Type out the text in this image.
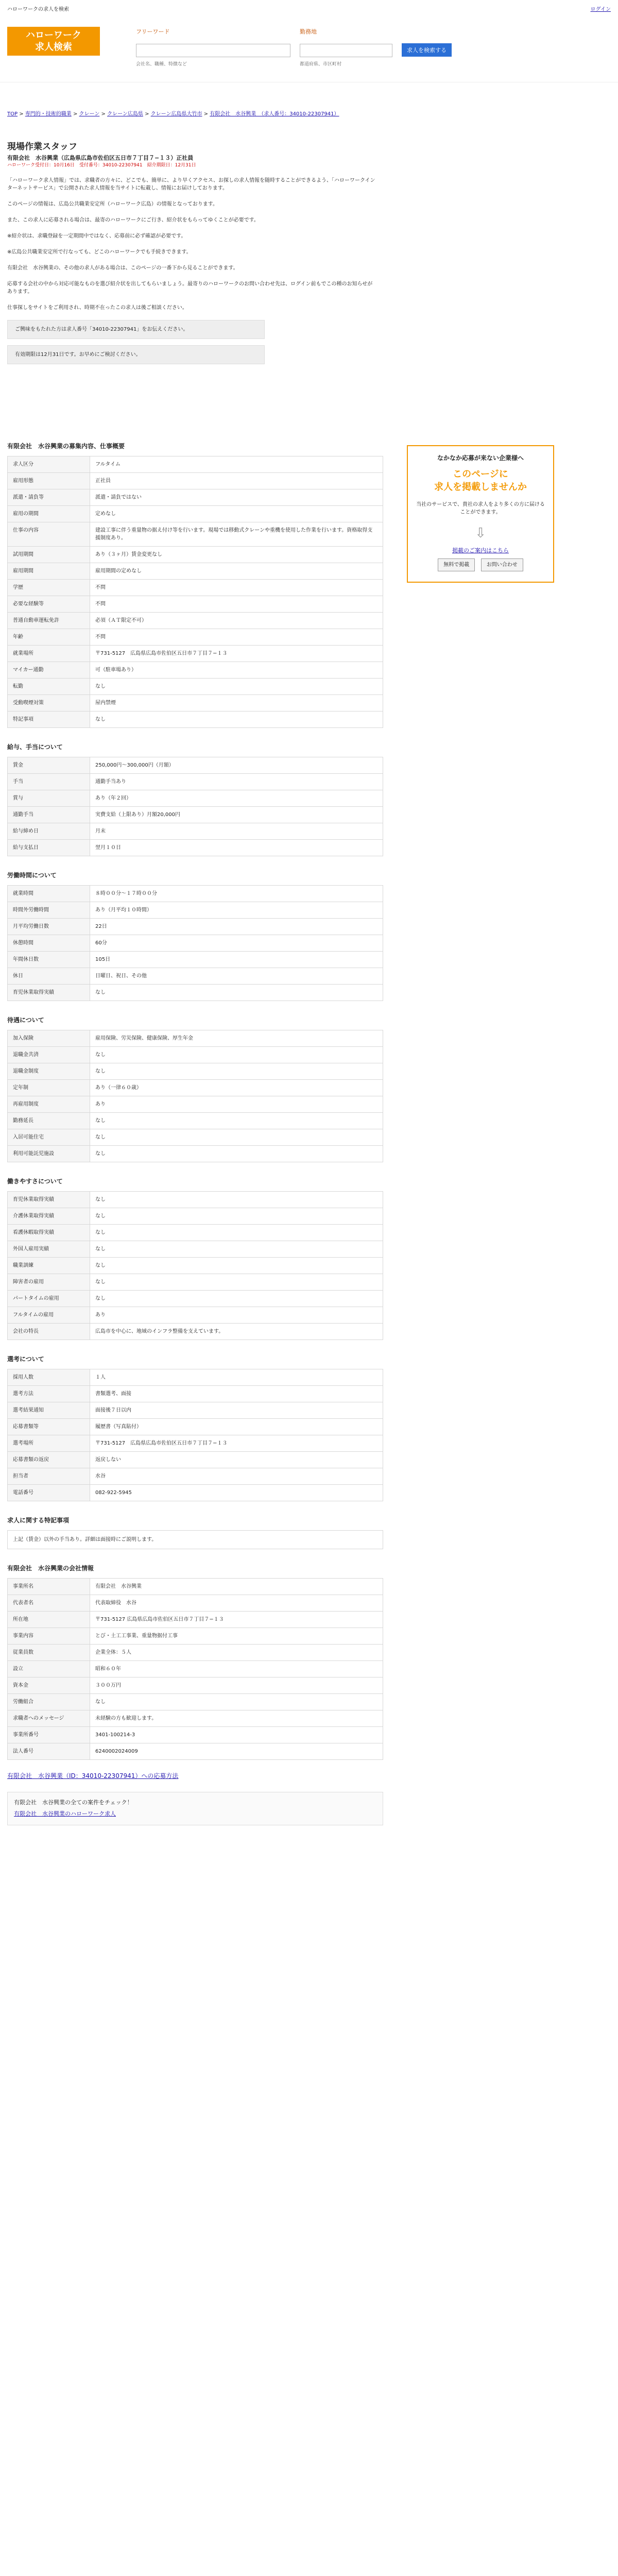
ハローワークの求人を検索	ログイン
ハローワーク
求人検索
フリーワード
会社名、職種、特徴など
勤務地
都道府県、市区町村
求人を検索する
TOP > 専門的・技術的職業 > クレーン > クレーン広島県 > クレーン広島県大竹市 > 有限会社　水谷興業　（求人番号：34010-22307941）
現場作業スタッフ
有限会社　水谷興業（広島県広島市佐伯区五日市７丁目７−１３）正社員
ハローワーク受付日：10月16日　受付番号：34010-22307941　紹介期限日：12月31日

「ハローワーク求人情報」では、求職者の方々に、どこでも、簡単に、より早くアクセス、お探しの求人情報を随時することができるよう、「ハローワークインターネットサービス」で公開された求人情報を当サイトに転載し、情報にお届けしております。

このページの情報は、広島公共職業安定所（ハローワーク広島）の情報となっております。

また、この求人に応募される場合は、最寄のハローワークにご行き、紹介状をもらってゆくことが必要です。

※紹介状は、求職登録を一定期間中ではなく、応募前に必ず確認が必要です。

※広島公共職業安定所で行なっても、どこのハローワークでも手続きできます。

有限会社　水谷興業の、その他の求人がある場合は、このページの一番下から見ることができます。

応募する会社の中から対応可能なものを選び紹介状を出してもらいましょう。最寄りのハローワークのお問い合わせ先は、ログイン前もでこの種のお知らせがあります。

仕事探しをサイトをご利用され、時期不在ったこの求人は後ご相談ください。

ご興味をもたれた方は求人番号「34010-22307941」をお伝えください。
有効期限は12月31日です。お早めにご検討ください。
有限会社　水谷興業の募集内容、仕事概要
求人区分	フルタイム
雇用形態	正社員
派遣・請負等	派遣・請負ではない
雇用の期間	定めなし
仕事の内容	建設工事に伴う重量物の据え付け等を行います。現場では移動式クレーンや重機を使用した作業を行います。資格取得支援制度あり。
試用期間	あり（３ヶ月）賃金変更なし
雇用期間	雇用期間の定めなし
学歴	不問
必要な経験等	不問
普通自動車運転免許	必須（ＡＴ限定不可）
年齢	不問
就業場所	〒731-5127　広島県広島市佐伯区五日市７丁目７−１３
マイカー通勤	可（駐車場あり）
転勤	なし
受動喫煙対策	屋内禁煙
特記事項	なし
給与、手当について
賃金	250,000円〜300,000円（月額）
手当	通勤手当あり
賞与	あり（年２回）
通勤手当	実費支給（上限あり）月額20,000円
給与締め日	月末
給与支払日	翌月１０日
労働時間について
就業時間	８時００分〜１７時００分
時間外労働時間	あり（月平均１０時間）
月平均労働日数	22日
休憩時間	60分
年間休日数	105日
休日	日曜日、祝日、その他
育児休業取得実績	なし
待遇について
加入保険	雇用保険、労災保険、健康保険、厚生年金
退職金共済	なし
退職金制度	なし
定年制	あり（一律６０歳）
再雇用制度	あり
勤務延長	なし
入居可能住宅	なし
利用可能託児施設	なし
働きやすさについて
育児休業取得実績	なし
介護休業取得実績	なし
看護休暇取得実績	なし
外国人雇用実績	なし
職業訓練	なし
障害者の雇用	なし
パートタイムの雇用	なし
フルタイムの雇用	あり
会社の特長	広島市を中心に、地域のインフラ整備を支えています。
選考について
採用人数	１人
選考方法	書類選考、面接
選考結果通知	面接後７日以内
応募書類等	履歴書（写真貼付）
選考場所	〒731-5127　広島県広島市佐伯区五日市７丁目７−１３
応募書類の返戻	返戻しない
担当者	水谷
電話番号	082-922-5945
求人に関する特記事項
上記（賃金）以外の手当あり。詳細は面接時にご説明します。
有限会社　水谷興業の会社情報
事業所名	有限会社　水谷興業
代表者名	代表取締役　水谷
所在地	〒731-5127 広島県広島市佐伯区五日市７丁目７−１３
事業内容	とび・土工工事業、重量物据付工事
従業員数	企業全体：５人
設立	昭和６０年
資本金	３００万円
労働組合	なし
求職者へのメッセージ	未経験の方も歓迎します。
事業所番号	3401-100214-3
法人番号	6240002024009
有限会社　水谷興業（ID：34010-22307941）への応募方法
有限会社　水谷興業の全ての案件をチェック！
有限会社　水谷興業のハローワーク求人
なかなか応募が来ない企業様へ
このページに
求人を掲載しませんか
当社のサービスで、貴社の求人をより多くの方に届けることができます。
⇩
掲載のご案内はこちら
無料で掲載	お問い合わせ
